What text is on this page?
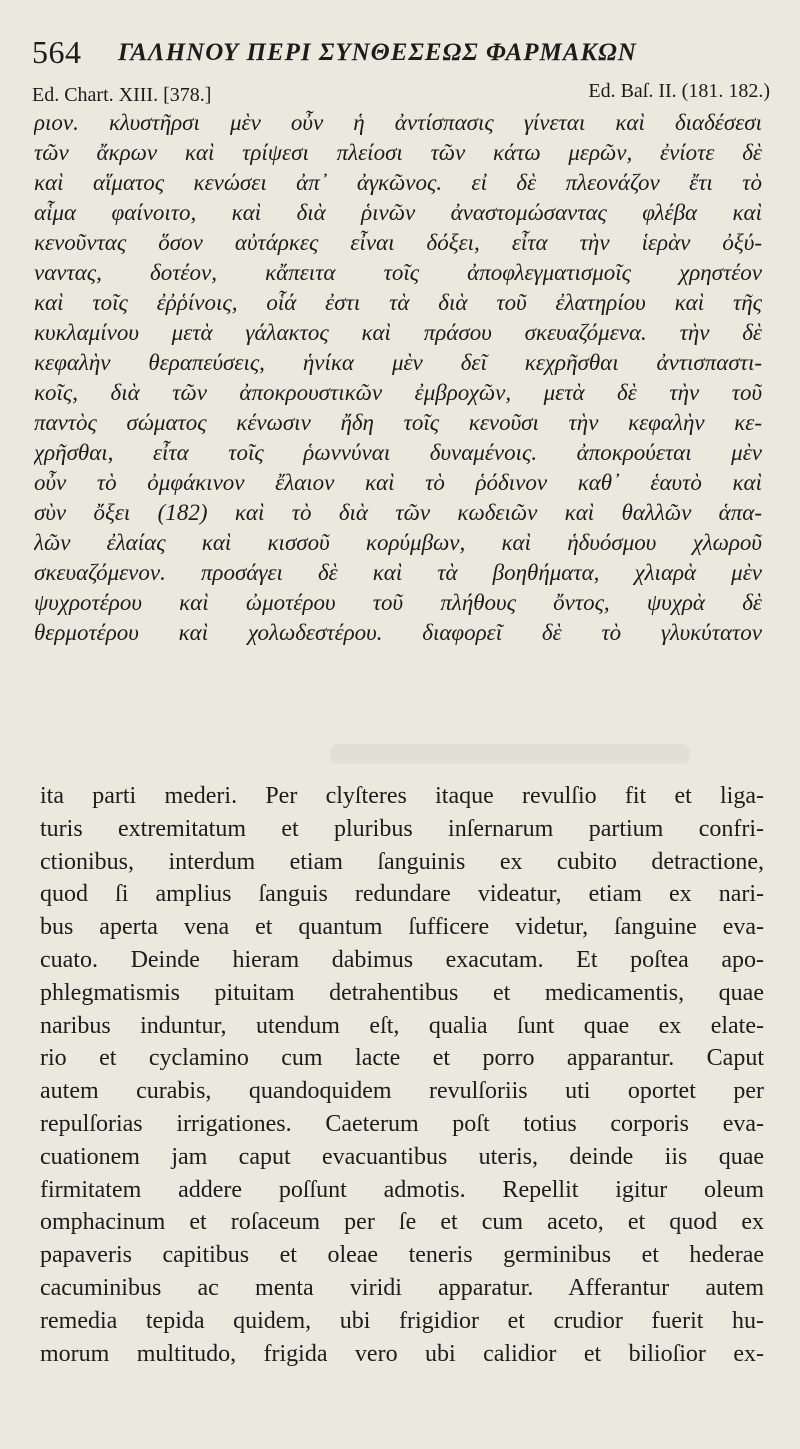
564 ΓΑΛΗΝΟΥ ΠΕΡΙ ΣΥΝΘΕΣΕΩΣ ΦΑΡΜΑΚΩΝ
Ed. Chart. XIII. [378.]	Ed. Baſ. II. (181. 182.)
ριον. κλυστῆρσι μὲν οὖν ἡ ἀντίσπασις γίνεται καὶ διαδέσεσι
τῶν ἄκρων καὶ τρίψεσι πλείοσι τῶν κάτω μερῶν, ἐνίοτε δὲ
καὶ αἵματος κενώσει ἀπ᾽ ἀγκῶνος. εἰ δὲ πλεονάζον ἔτι τὸ
αἷμα φαίνοιτο, καὶ διὰ ῥινῶν ἀναστομώσαντας φλέβα καὶ
κενοῦντας ὅσον αὐτάρκες εἶναι δόξει, εἶτα τὴν ἱερὰν ὀξύ-
ναντας, δοτέον, κἄπειτα τοῖς ἀποφλεγματισμοῖς χρηστέον
καὶ τοῖς ἐῤῥίνοις, οἷά ἐστι τὰ διὰ τοῦ ἐλατηρίου καὶ τῆς
κυκλαμίνου μετὰ γάλακτος καὶ πράσου σκευαζόμενα. τὴν δὲ
κεφαλὴν θεραπεύσεις, ἡνίκα μὲν δεῖ κεχρῆσθαι ἀντισπαστι-
κοῖς, διὰ τῶν ἀποκρουστικῶν ἐμβροχῶν, μετὰ δὲ τὴν τοῦ
παντὸς σώματος κένωσιν ἤδη τοῖς κενοῦσι τὴν κεφαλὴν κε-
χρῆσθαι, εἶτα τοῖς ῥωννύναι δυναμένοις. ἀποκρούεται μὲν
οὖν τὸ ὀμφάκινον ἔλαιον καὶ τὸ ῥόδινον καθ᾽ ἑαυτὸ καὶ
σὺν ὄξει (182) καὶ τὸ διὰ τῶν κωδειῶν καὶ θαλλῶν ἁπα-
λῶν ἐλαίας καὶ κισσοῦ κορύμβων, καὶ ἡδυόσμου χλωροῦ
σκευαζόμενον. προσάγει δὲ καὶ τὰ βοηθήματα, χλιαρὰ μὲν
ψυχροτέρου καὶ ὠμοτέρου τοῦ πλήθους ὄντος, ψυχρὰ δὲ
θερμοτέρου καὶ χολωδεστέρου. διαφορεῖ δὲ τὸ γλυκύτατον
ita parti mederi. Per clyſteres itaque revulſio fit et liga-
turis extremitatum et pluribus inſernarum partium confri-
ctionibus, interdum etiam ſanguinis ex cubito detractione,
quod ſi amplius ſanguis redundare videatur, etiam ex nari-
bus aperta vena et quantum ſufficere videtur, ſanguine eva-
cuato. Deinde hieram dabimus exacutam. Et poſtea apo-
phlegmatismis pituitam detrahentibus et medicamentis, quae
naribus induntur, utendum eſt, qualia ſunt quae ex elate-
rio et cyclamino cum lacte et porro apparantur. Caput
autem curabis, quandoquidem revulſoriis uti oportet per
repulſorias irrigationes. Caeterum poſt totius corporis eva-
cuationem jam caput evacuantibus uteris, deinde iis quae
firmitatem addere poſſunt admotis. Repellit igitur oleum
omphacinum et roſaceum per ſe et cum aceto, et quod ex
papaveris capitibus et oleae teneris germinibus et hederae
cacuminibus ac menta viridi apparatur. Afferantur autem
remedia tepida quidem, ubi frigidior et crudior fuerit hu-
morum multitudo, frigida vero ubi calidior et bilioſior ex-
